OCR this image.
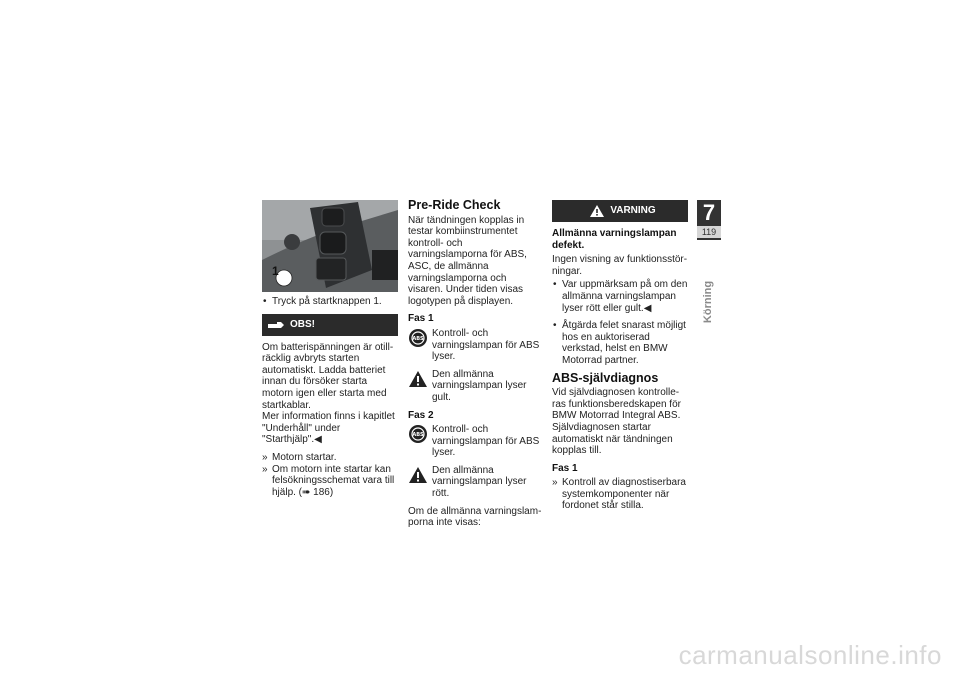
1

• Tryck på startknappen 1.

OBS!

Om batterispänningen är otillräcklig avbryts starten automatiskt. Ladda batteriet innan du försöker starta motorn igen eller starta med startkablar.

Mer information finns i kapitlet "Underhåll" under "Starthjälp".◀

» Motorn startar.

» Om motorn inte startar kan felsökningsschemat vara till hjälp. (➠ 186)

Pre-Ride Check

När tändningen kopplas in testar kombiinstrumentet kontroll- och varningslamporna för ABS, ASC, de allmänna varningslamporna och visaren. Under tiden visas logotypen på displayen.

Fas 1
ABS Kontroll- och varningslampan för ABS lyser.
Den allmänna varningslampan lyser gult.
Fas 2
ABS Kontroll- och varningslampan för ABS lyser.
Den allmänna varningslampan lyser rött.

Om de allmänna varningslamporna inte visas:

VARNING
Allmänna varningslampan defekt.

Ingen visning av funktionsstörningar.

• Var uppmärksam på om den allmänna varningslampan lyser rött eller gult.◀

• Åtgärda felet snarast möjligt hos en auktoriserad verkstad, helst en BMW Motorrad partner.

ABS-självdiagnos

Vid självdiagnosen kontrolleras funktionsberedskapen för BMW Motorrad Integral ABS. Självdiagnosen startar automatiskt när tändningen kopplas till.

Fas 1

» Kontroll av diagnostiserbara systemkomponenter när fordonet står stilla.

7
119
Körning
carmanualsonline.info
